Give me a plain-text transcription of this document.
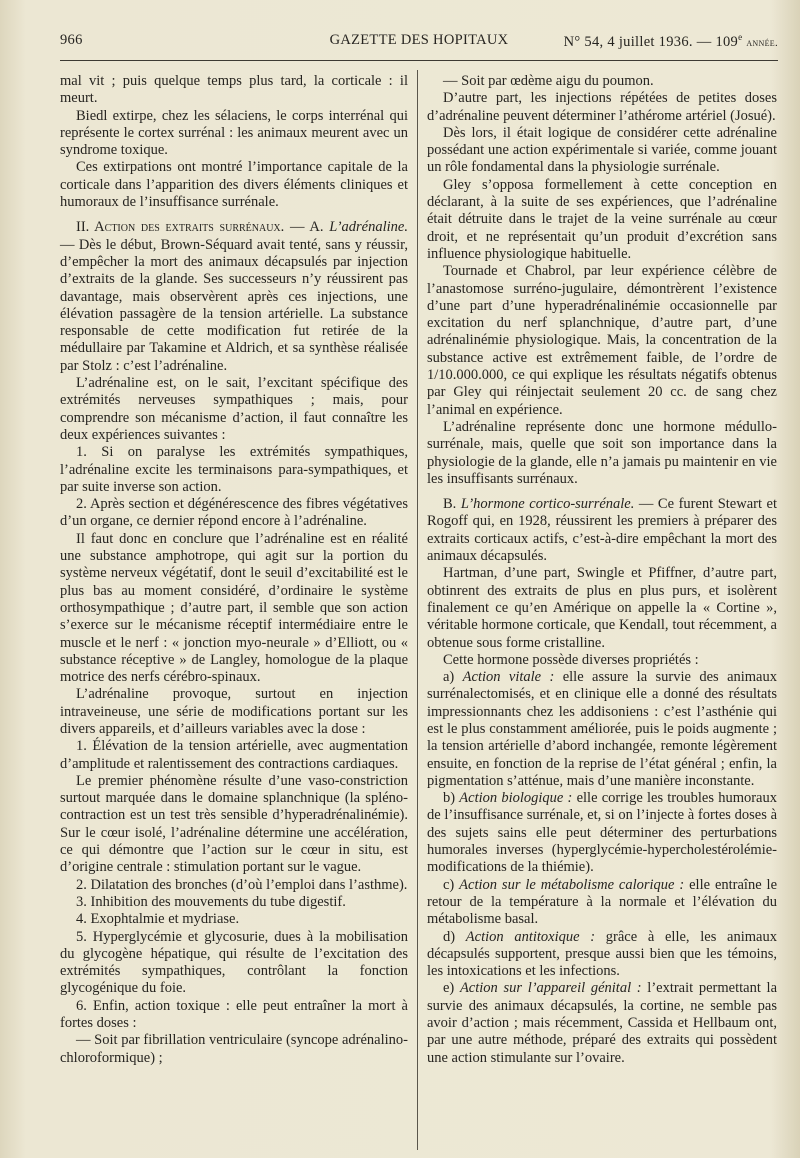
966	GAZETTE DES HOPITAUX	N° 54, 4 juillet 1936. — 109e année.

mal vit ; puis quelque temps plus tard, la corticale : il meurt.

Biedl extirpe, chez les sélaciens, le corps interrénal qui représente le cortex surrénal : les animaux meurent avec un syndrome toxique.

Ces extirpations ont montré l’importance capitale de la corticale dans l’apparition des divers éléments cliniques et humoraux de l’insuffisance surrénale.

II. Action des extraits surrénaux. — A. L’adrénaline. — Dès le début, Brown-Séquard avait tenté, sans y réussir, d’empêcher la mort des animaux décapsulés par injection d’extraits de la glande. Ses successeurs n’y réussirent pas davantage, mais observèrent après ces injections, une élévation passagère de la tension artérielle. La substance responsable de cette modification fut retirée de la médullaire par Takamine et Aldrich, et sa synthèse réalisée par Stolz : c’est l’adrénaline.

L’adrénaline est, on le sait, l’excitant spécifique des extrémités nerveuses sympathiques ; mais, pour comprendre son mécanisme d’action, il faut connaître les deux expériences suivantes :

1. Si on paralyse les extrémités sympathiques, l’adrénaline excite les terminaisons para-sympathiques, et par suite inverse son action.

2. Après section et dégénérescence des fibres végétatives d’un organe, ce dernier répond encore à l’adrénaline.

Il faut donc en conclure que l’adrénaline est en réalité une substance amphotrope, qui agit sur la portion du système nerveux végétatif, dont le seuil d’excitabilité est le plus bas au moment considéré, d’ordinaire le système orthosympathique ; d’autre part, il semble que son action s’exerce sur le mécanisme réceptif intermédiaire entre le muscle et le nerf : « jonction myo-neurale » d’Elliott, ou « substance réceptive » de Langley, homologue de la plaque motrice des nerfs cérébro-spinaux.

L’adrénaline provoque, surtout en injection intraveineuse, une série de modifications portant sur les divers appareils, et d’ailleurs variables avec la dose :

1. Élévation de la tension artérielle, avec augmentation d’amplitude et ralentissement des contractions cardiaques.

Le premier phénomène résulte d’une vaso-constriction surtout marquée dans le domaine splanchnique (la spléno-contraction est un test très sensible d’hyperadrénalinémie). Sur le cœur isolé, l’adrénaline détermine une accélération, ce qui démontre que l’action sur le cœur in situ, est d’origine centrale : stimulation portant sur le vague.

2. Dilatation des bronches (d’où l’emploi dans l’asthme).

3. Inhibition des mouvements du tube digestif.

4. Exophtalmie et mydriase.

5. Hyperglycémie et glycosurie, dues à la mobilisation du glycogène hépatique, qui résulte de l’excitation des extrémités sympathiques, contrôlant la fonction glycogénique du foie.

6. Enfin, action toxique : elle peut entraîner la mort à fortes doses :

— Soit par fibrillation ventriculaire (syncope adrénalino-chloroformique) ;

— Soit par œdème aigu du poumon.

D’autre part, les injections répétées de petites doses d’adrénaline peuvent déterminer l’athérome artériel (Josué).

Dès lors, il était logique de considérer cette adrénaline possédant une action expérimentale si variée, comme jouant un rôle fondamental dans la physiologie surrénale.

Gley s’opposa formellement à cette conception en déclarant, à la suite de ses expériences, que l’adrénaline était détruite dans le trajet de la veine surrénale au cœur droit, et ne représentait qu’un produit d’excrétion sans influence physiologique habituelle.

Tournade et Chabrol, par leur expérience célèbre de l’anastomose surréno-jugulaire, démontrèrent l’existence d’une part d’une hyperadrénalinémie occasionnelle par excitation du nerf splanchnique, d’autre part, d’une adrénalinémie physiologique. Mais, la concentration de la substance active est extrêmement faible, de l’ordre de 1/10.000.000, ce qui explique les résultats négatifs obtenus par Gley qui réinjectait seulement 20 cc. de sang chez l’animal en expérience.

L’adrénaline représente donc une hormone médullo-surrénale, mais, quelle que soit son importance dans la physiologie de la glande, elle n’a jamais pu maintenir en vie les insuffisants surrénaux.

B. L’hormone cortico-surrénale. — Ce furent Stewart et Rogoff qui, en 1928, réussirent les premiers à préparer des extraits corticaux actifs, c’est-à-dire empêchant la mort des animaux décapsulés.

Hartman, d’une part, Swingle et Pfiffner, d’autre part, obtinrent des extraits de plus en plus purs, et isolèrent finalement ce qu’en Amérique on appelle la « Cortine », véritable hormone corticale, que Kendall, tout récemment, a obtenue sous forme cristalline.

Cette hormone possède diverses propriétés :

a) Action vitale : elle assure la survie des animaux surrénalectomisés, et en clinique elle a donné des résultats impressionnants chez les addisoniens : c’est l’asthénie qui est le plus constamment améliorée, puis le poids augmente ; la tension artérielle d’abord inchangée, remonte légèrement ensuite, en fonction de la reprise de l’état général ; enfin, la pigmentation s’atténue, mais d’une manière inconstante.

b) Action biologique : elle corrige les troubles humoraux de l’insuffisance surrénale, et, si on l’injecte à fortes doses à des sujets sains elle peut déterminer des perturbations humorales inverses (hyperglycémie-hypercholestérolémie-modifications de la thiémie).

c) Action sur le métabolisme calorique : elle entraîne le retour de la température à la normale et l’élévation du métabolisme basal.

d) Action antitoxique : grâce à elle, les animaux décapsulés supportent, presque aussi bien que les témoins, les intoxications et les infections.

e) Action sur l’appareil génital : l’extrait permettant la survie des animaux décapsulés, la cortine, ne semble pas avoir d’action ; mais récemment, Cassida et Hellbaum ont, par une autre méthode, préparé des extraits qui possèdent une action stimulante sur l’ovaire.
